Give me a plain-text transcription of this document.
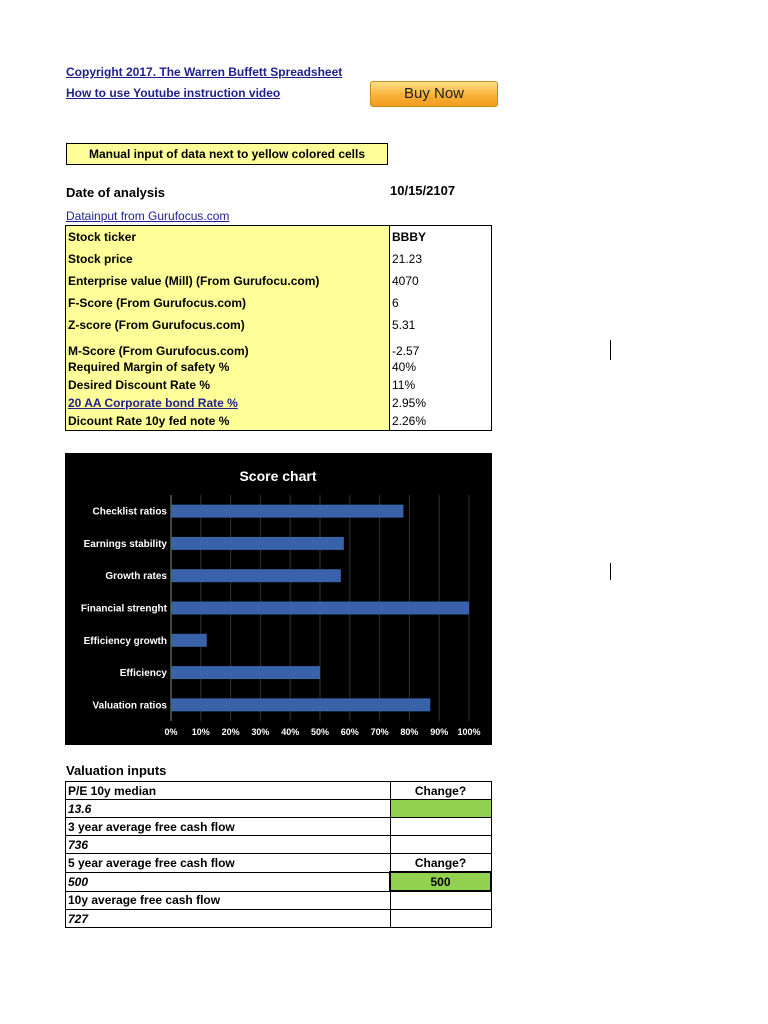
Copyright 2017. The Warren Buffett Spreadsheet
How to use Youtube instruction video	Buy Now
Manual input of data next to yellow colored cells
Date of analysis	10/15/2107
Datainput from Gurufocus.com
Stock ticker	BBBY
Stock price	21.23
Enterprise value (Mill) (From Gurufocu.com)	4070
F-Score (From Gurufocus.com)	6
Z-score (From Gurufocus.com)	5.31
M-Score (From Gurufocus.com)	-2.57
Required Margin of safety %	40%
Desired Discount Rate %	11%
20 AA Corporate bond Rate %	2.95%
Dicount Rate 10y fed note %	2.26%
Score chart
Checklist ratios
Earnings stability
Growth rates
Financial strenght
Efficiency growth
Efficiency
Valuation ratios
0% 10% 20% 30% 40% 50% 60% 70% 80% 90% 100%
Valuation inputs
P/E 10y median	Change?
13.6	
3 year average free cash flow	
736	
5 year average free cash flow	Change?
500	500
10y average free cash flow	
727	
